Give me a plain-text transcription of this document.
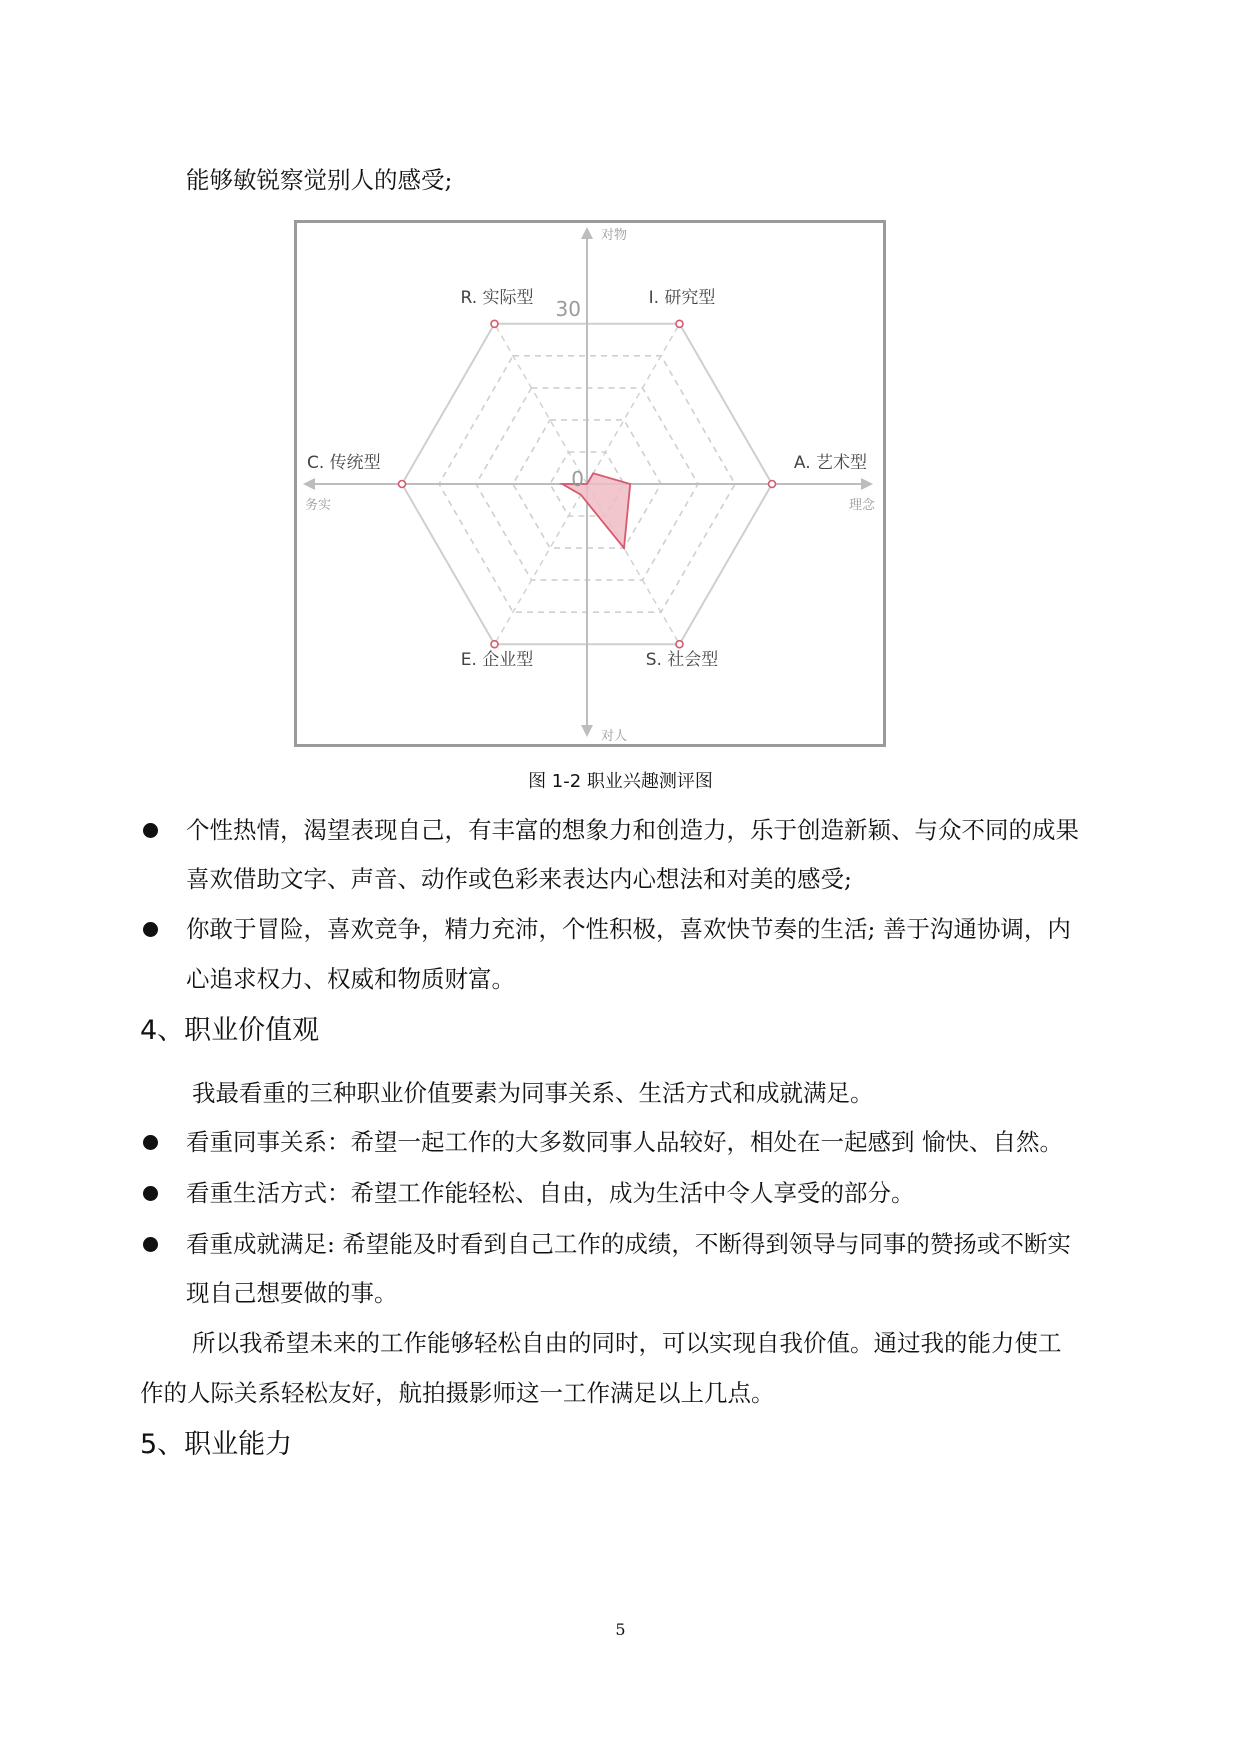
能够敏锐察觉别人的感受;
R. 实际型	I. 研究型
A. 艺术型
S. 社会型
E. 企业型
C. 传统型
30
0
对物
对人
务实	理念
图 1-2 职业兴趣测评图
个性热情，渴望表现自己，有丰富的想象力和创造力，乐于创造新颖、与众不同的成果
喜欢借助文字、声音、动作或色彩来表达内心想法和对美的感受;
你敢于冒险，喜欢竞争，精力充沛，个性积极，喜欢快节奏的生活; 善于沟通协调，内
心追求权力、权威和物质财富。
4、职业价值观
我最看重的三种职业价值要素为同事关系、生活方式和成就满足。
看重同事关系：希望一起工作的大多数同事人品较好，相处在一起感到 愉快、自然。
看重生活方式：希望工作能轻松、自由，成为生活中令人享受的部分。
看重成就满足: 希望能及时看到自己工作的成绩，不断得到领导与同事的赞扬或不断实
现自己想要做的事。
所以我希望未来的工作能够轻松自由的同时，可以实现自我价值。通过我的能力使工
作的人际关系轻松友好，航拍摄影师这一工作满足以上几点。
5、职业能力
5
